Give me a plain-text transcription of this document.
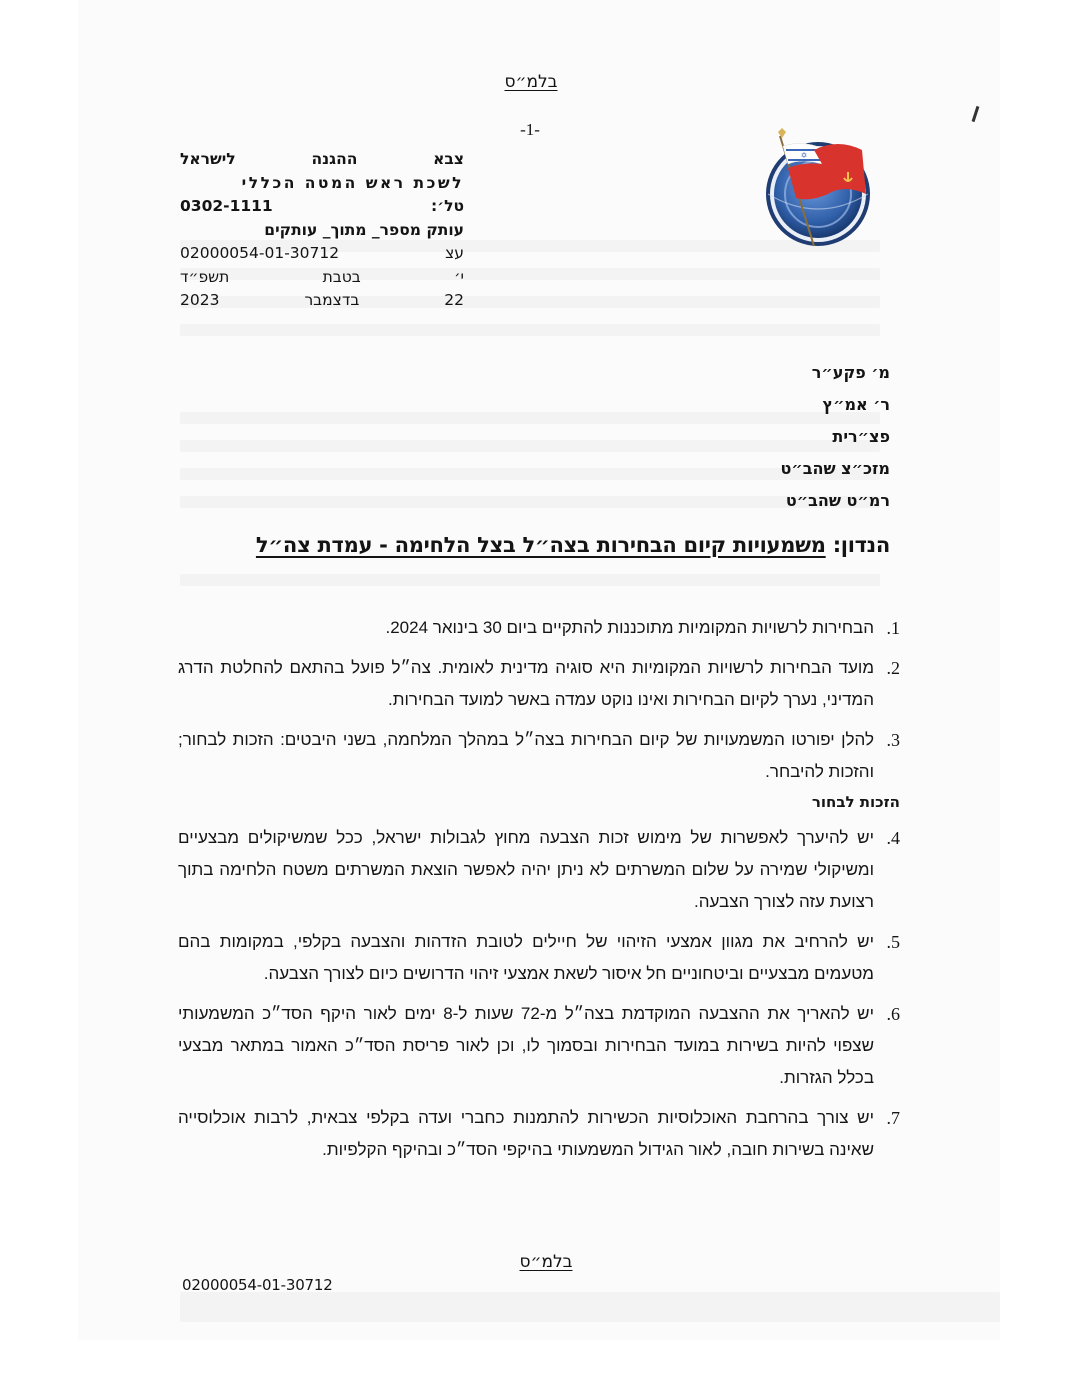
בלמ״ס
-1-
✡
צבא
ההגנה
לישראל
לשכת ראש המטה הכללי
טל׳:
0302-1111
עותק מספר_ מתוך_ עותקים
עצ
02000054-01-30712
י׳
בטבת
תשפ״ד
22
בדצמבר
2023
מ׳ פקע״ר
ר׳ אמ״ץ
פצ״רית
מזכ״צ שהב״ט
רמ״ט שהב״ט
הנדון: משמעויות קיום הבחירות בצה״ל בצל הלחימה - עמדת צה״ל
1.
הבחירות לרשויות המקומיות מתוכננות להתקיים ביום 30 בינואר 2024.
2.
מועד הבחירות לרשויות המקומיות היא סוגיה מדינית לאומית. צה״ל פועל בהתאם להחלטת הדרג המדיני, נערך לקיום הבחירות ואינו נוקט עמדה באשר למועד הבחירות.
3.
להלן יפורטו המשמעויות של קיום הבחירות בצה״ל במהלך המלחמה, בשני היבטים: הזכות לבחור; והזכות להיבחר.
הזכות לבחור
4.
יש להיערך לאפשרות של מימוש זכות הצבעה מחוץ לגבולות ישראל, ככל שמשיקולים מבצעיים ומשיקולי שמירה על שלום המשרתים לא ניתן יהיה לאפשר הוצאת המשרתים משטח הלחימה בתוך רצועת עזה לצורך הצבעה.
5.
יש להרחיב את מגוון אמצעי הזיהוי של חיילים לטובת הזדהות והצבעה בקלפי, במקומות בהם מטעמים מבצעיים וביטחוניים חל איסור לשאת אמצעי זיהוי הדרושים כיום לצורך הצבעה.
6.
יש להאריך את ההצבעה המוקדמת בצה״ל מ-72 שעות ל-8 ימים לאור היקף הסד״כ המשמעותי שצפוי להיות בשירות במועד הבחירות ובסמוך לו, וכן לאור פריסת הסד״כ האמור במתאר מבצעי בכלל הגזרות.
7.
יש צורך בהרחבת האוכלוסיות הכשירות להתמנות כחברי ועדה בקלפי צבאית, לרבות אוכלוסייה שאינה בשירות חובה, לאור הגידול המשמעותי בהיקפי הסד״כ ובהיקף הקלפיות.
בלמ״ס
02000054-01-30712
